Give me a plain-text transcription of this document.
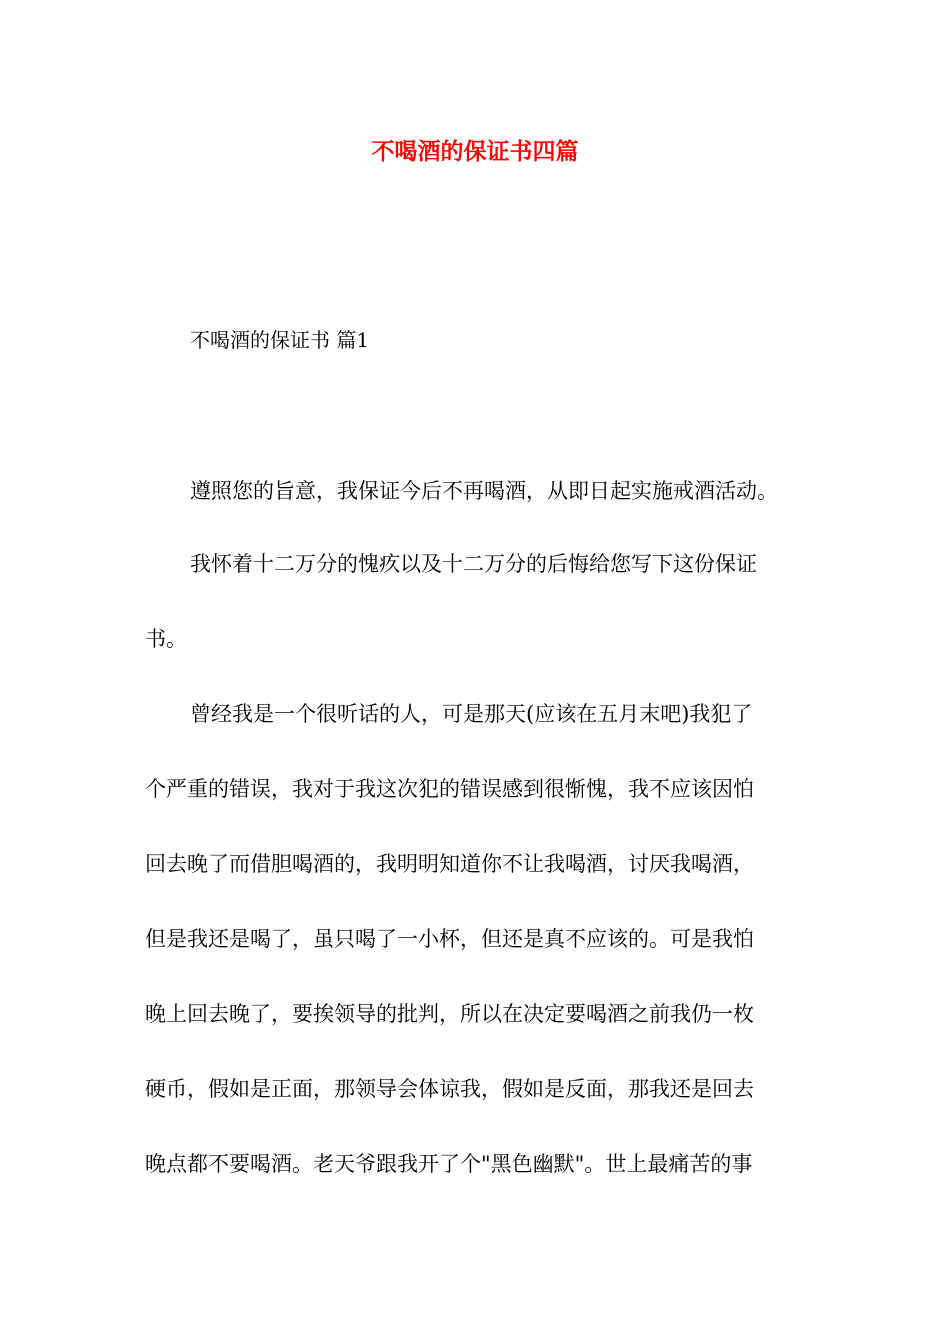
不喝酒的保证书四篇
不喝酒的保证书 篇1
遵照您的旨意，我保证今后不再喝酒，从即日起实施戒酒活动。
我怀着十二万分的愧疚以及十二万分的后悔给您写下这份保证
书。
曾经我是一个很听话的人，可是那天(应该在五月末吧)我犯了
个严重的错误，我对于我这次犯的错误感到很惭愧，我不应该因怕
回去晚了而借胆喝酒的，我明明知道你不让我喝酒，讨厌我喝酒，
但是我还是喝了，虽只喝了一小杯，但还是真不应该的。可是我怕
晚上回去晚了，要挨领导的批判，所以在决定要喝酒之前我仍一枚
硬币，假如是正面，那领导会体谅我，假如是反面，那我还是回去
晚点都不要喝酒。老天爷跟我开了个"黑色幽默"。世上最痛苦的事
